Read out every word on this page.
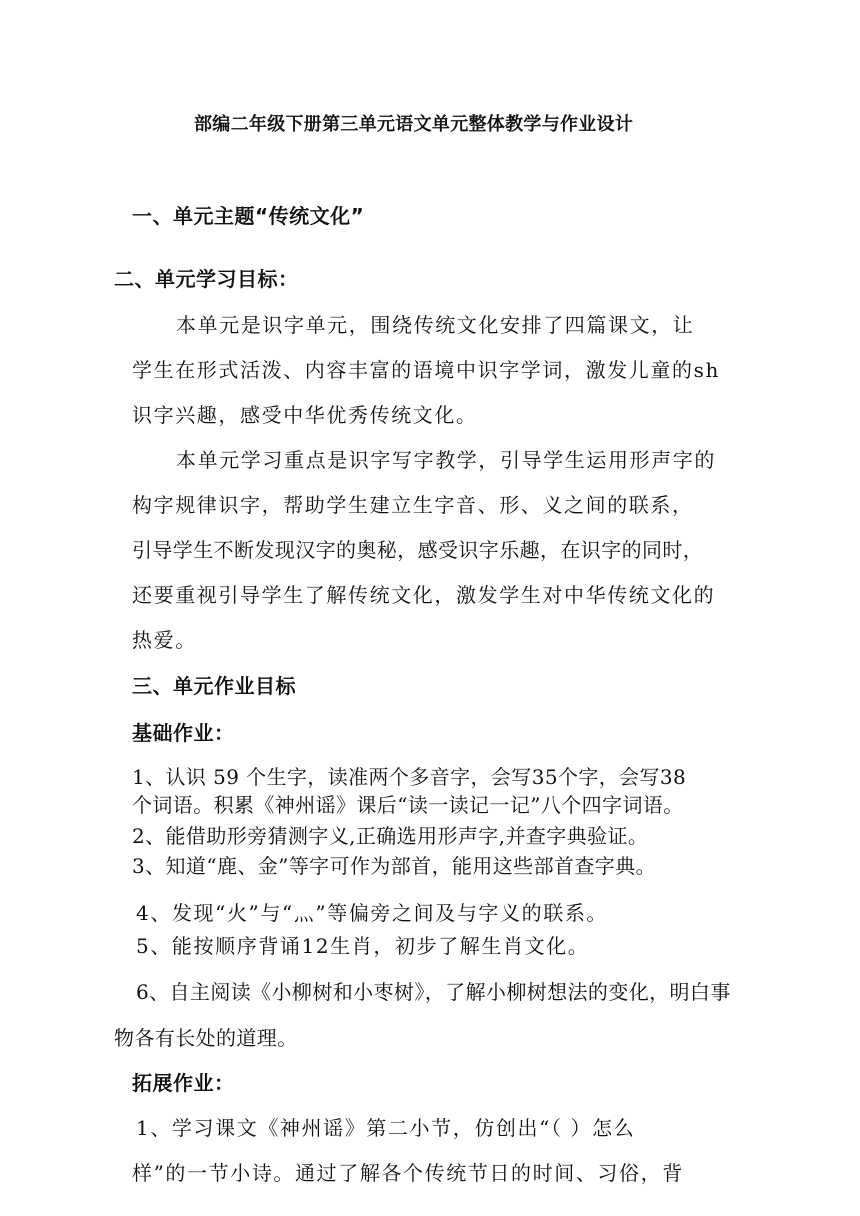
部编二年级下册第三单元语文单元整体教学与作业设计
一、单元主题“传统文化”
二、单元学习目标：
本单元是识字单元，围绕传统文化安排了四篇课文，让
学生在形式活泼、内容丰富的语境中识字学词，激发儿童的sh
识字兴趣，感受中华优秀传统文化。
本单元学习重点是识字写字教学，引导学生运用形声字的
构字规律识字，帮助学生建立生字音、形、义之间的联系，
引导学生不断发现汉字的奥秘，感受识字乐趣，在识字的同时，
还要重视引导学生了解传统文化，激发学生对中华传统文化的
热爱。
三、单元作业目标
基础作业：
1、认识 59 个生字，读准两个多音字，会写35个字，会写38
个词语。积累《神州谣》课后“读一读记一记”八个四字词语。
2、能借助形旁猜测字义,正确选用形声字,并查字典验证。
3、知道“鹿、金”等字可作为部首，能用这些部首查字典。
4、发现“火”与“灬”等偏旁之间及与字义的联系。
5、能按顺序背诵12生肖，初步了解生肖文化。
6、自主阅读《小柳树和小枣树》，了解小柳树想法的变化，明白事
物各有长处的道理。
拓展作业：
1、学习课文《神州谣》第二小节，仿创出“（ ）怎么
样”的一节小诗。通过了解各个传统节日的时间、习俗，背
